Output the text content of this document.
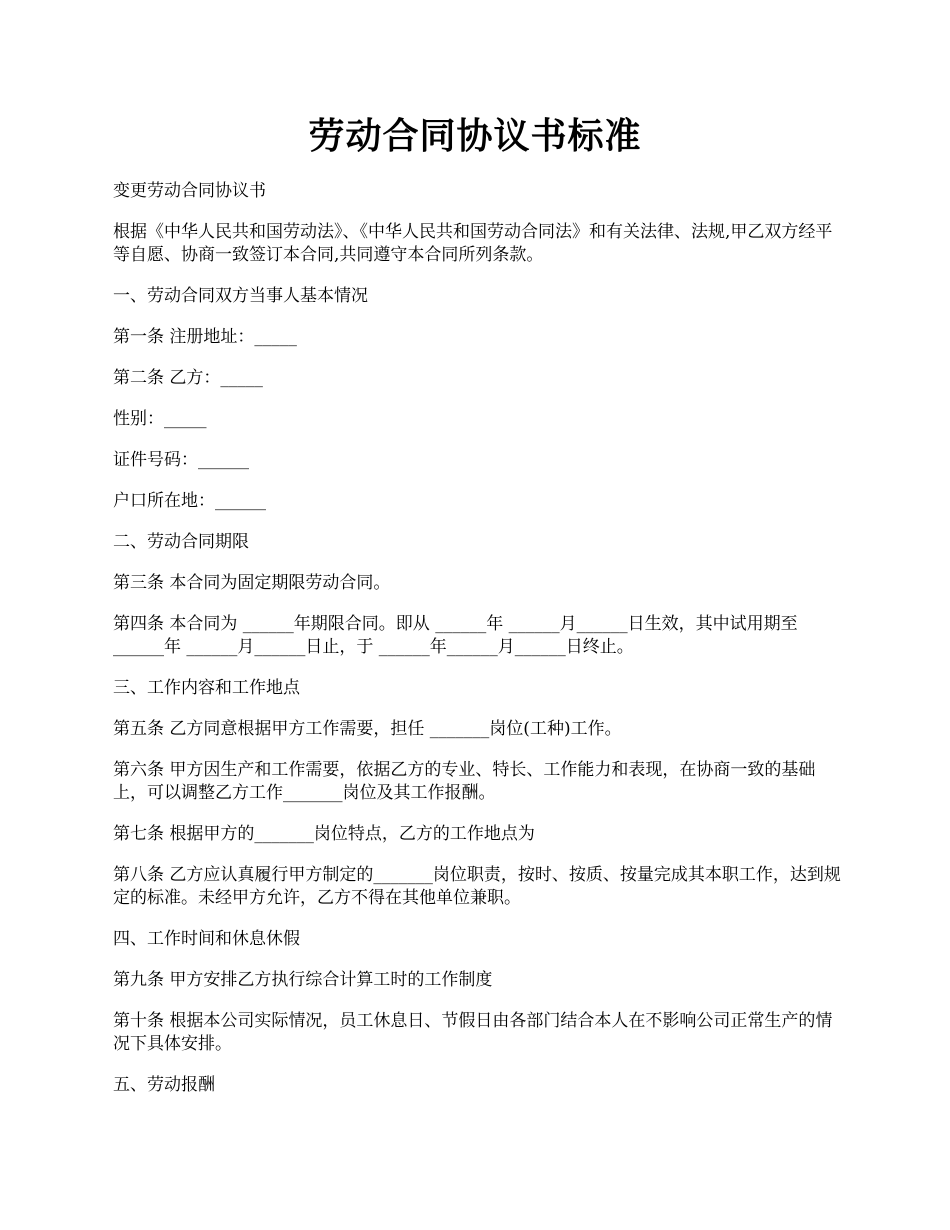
劳动合同协议书标准

变更劳动合同协议书

根据《中华人民共和国劳动法》、《中华人民共和国劳动合同法》和有关法律、法规,甲乙双方经平等自愿、协商一致签订本合同,共同遵守本合同所列条款。

一、劳动合同双方当事人基本情况

第一条 注册地址：_____

第二条 乙方：_____

性别：_____

证件号码：______

户口所在地：______

二、劳动合同期限

第三条 本合同为固定期限劳动合同。

第四条 本合同为 ______年期限合同。即从 ______年 ______月______日生效，其中试用期至 ______年 ______月______日止，于 ______年______月______日终止。

三、工作内容和工作地点

第五条 乙方同意根据甲方工作需要，担任 _______岗位(工种)工作。

第六条 甲方因生产和工作需要，依据乙方的专业、特长、工作能力和表现，在协商一致的基础上，可以调整乙方工作_______岗位及其工作报酬。

第七条 根据甲方的_______岗位特点，乙方的工作地点为

第八条 乙方应认真履行甲方制定的_______岗位职责，按时、按质、按量完成其本职工作，达到规定的标准。未经甲方允许，乙方不得在其他单位兼职。

四、工作时间和休息休假

第九条 甲方安排乙方执行综合计算工时的工作制度

第十条 根据本公司实际情况，员工休息日、节假日由各部门结合本人在不影响公司正常生产的情况下具体安排。

五、劳动报酬
